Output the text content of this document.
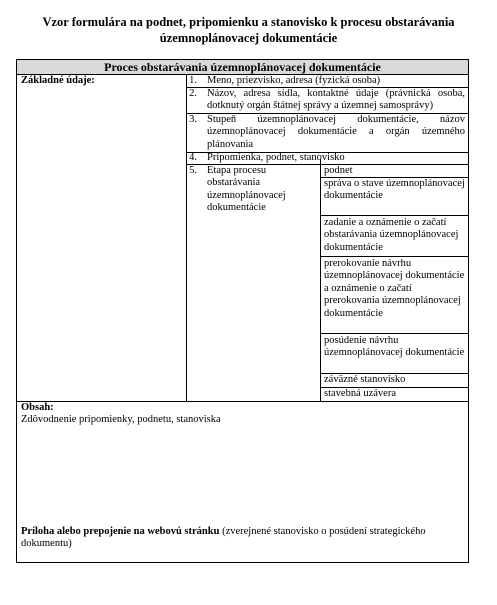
Vzor formulára na podnet, pripomienku a stanovisko k procesu obstarávania
územnoplánovacej dokumentácie
Proces obstarávania územnoplánovacej dokumentácie
Základné údaje:	1. Meno, priezvisko, adresa (fyzická osoba)
2. Názov, adresa sídla, kontaktné údaje (právnická osoba, dotknutý orgán štátnej správy a územnej samosprávy)
3. Stupeň územnoplánovacej dokumentácie, názov územnoplánovacej dokumentácie a orgán územného plánovania
4. Pripomienka, podnet, stanovisko
5. Etapa procesu obstarávania územnoplánovacej dokumentácie
podnet
správa o stave územnoplánovacej dokumentácie
zadanie a oznámenie o začatí obstarávania územnoplánovacej dokumentácie
prerokovanie návrhu územnoplánovacej dokumentácie a oznámenie o začatí prerokovania územnoplánovacej dokumentácie
posúdenie návrhu územnoplánovacej dokumentácie
záväzné stanovisko
stavebná uzávera
Obsah:
Zdôvodnenie pripomienky, podnetu, stanoviska
Príloha alebo prepojenie na webovú stránku (zverejnené stanovisko o posúdení strategického dokumentu)
